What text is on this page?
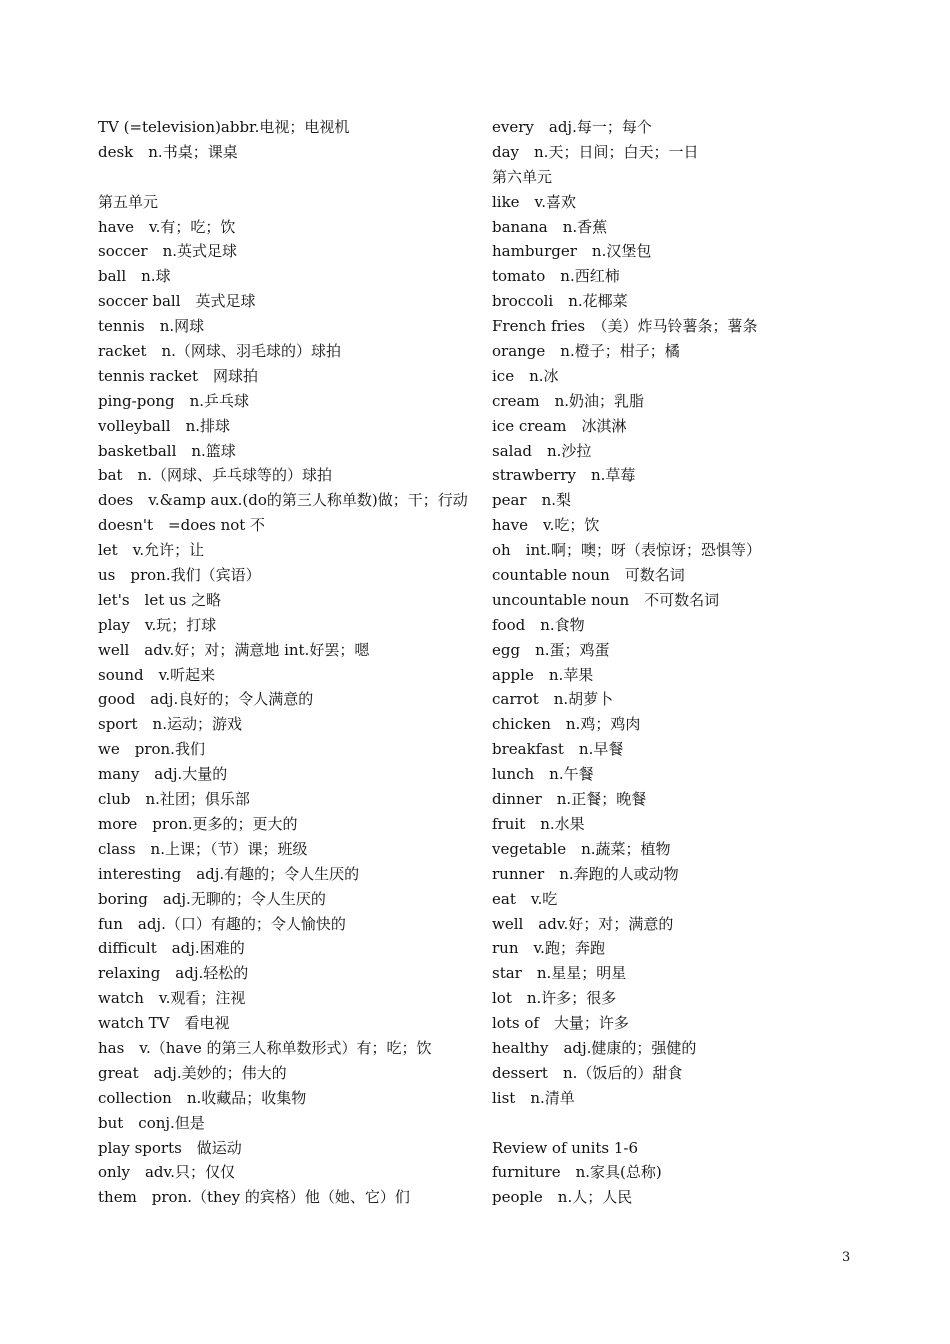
TV (=television)abbr.电视；电视机
desk　n.书桌；课桌
第五单元
have　v.有；吃；饮
soccer　n.英式足球
ball　n.球
soccer ball　英式足球
tennis　n.网球
racket　n.（网球、羽毛球的）球拍
tennis racket　网球拍
ping-pong　n.乒乓球
volleyball　n.排球
basketball　n.篮球
bat　n.（网球、乒乓球等的）球拍
does　v.&amp aux.(do的第三人称单数)做；干；行动
doesn't　=does not 不
let　v.允许；让
us　pron.我们（宾语）
let's　let us 之略
play　v.玩；打球
well　adv.好；对；满意地 int.好罢；嗯
sound　v.听起来
good　adj.良好的；令人满意的
sport　n.运动；游戏
we　pron.我们
many　adj.大量的
club　n.社团；俱乐部
more　pron.更多的；更大的
class　n.上课；（节）课；班级
interesting　adj.有趣的；令人生厌的
boring　adj.无聊的；令人生厌的
fun　adj.（口）有趣的；令人愉快的
difficult　adj.困难的
relaxing　adj.轻松的
watch　v.观看；注视
watch TV　看电视
has　v.（have 的第三人称单数形式）有；吃；饮
great　adj.美妙的；伟大的
collection　n.收藏品；收集物
but　conj.但是
play sports　做运动
only　adv.只；仅仅
them　pron.（they 的宾格）他（她、它）们
every　adj.每一；每个
day　n.天；日间；白天；一日
第六单元
like　v.喜欢
banana　n.香蕉
hamburger　n.汉堡包
tomato　n.西红柿
broccoli　n.花椰菜
French fries　（美）炸马铃薯条；薯条
orange　n.橙子；柑子；橘
ice　n.冰
cream　n.奶油；乳脂
ice cream　冰淇淋
salad　n.沙拉
strawberry　n.草莓
pear　n.梨
have　v.吃；饮
oh　int.啊；噢；呀（表惊讶；恐惧等）
countable noun　可数名词
uncountable noun　不可数名词
food　n.食物
egg　n.蛋；鸡蛋
apple　n.苹果
carrot　n.胡萝卜
chicken　n.鸡；鸡肉
breakfast　n.早餐
lunch　n.午餐
dinner　n.正餐；晚餐
fruit　n.水果
vegetable　n.蔬菜；植物
runner　n.奔跑的人或动物
eat　v.吃
well　adv.好；对；满意的
run　v.跑；奔跑
star　n.星星；明星
lot　n.许多；很多
lots of　大量；许多
healthy　adj.健康的；强健的
dessert　n.（饭后的）甜食
list　n.清单
Review of units 1-6
furniture　n.家具(总称)
people　n.人；人民
3
